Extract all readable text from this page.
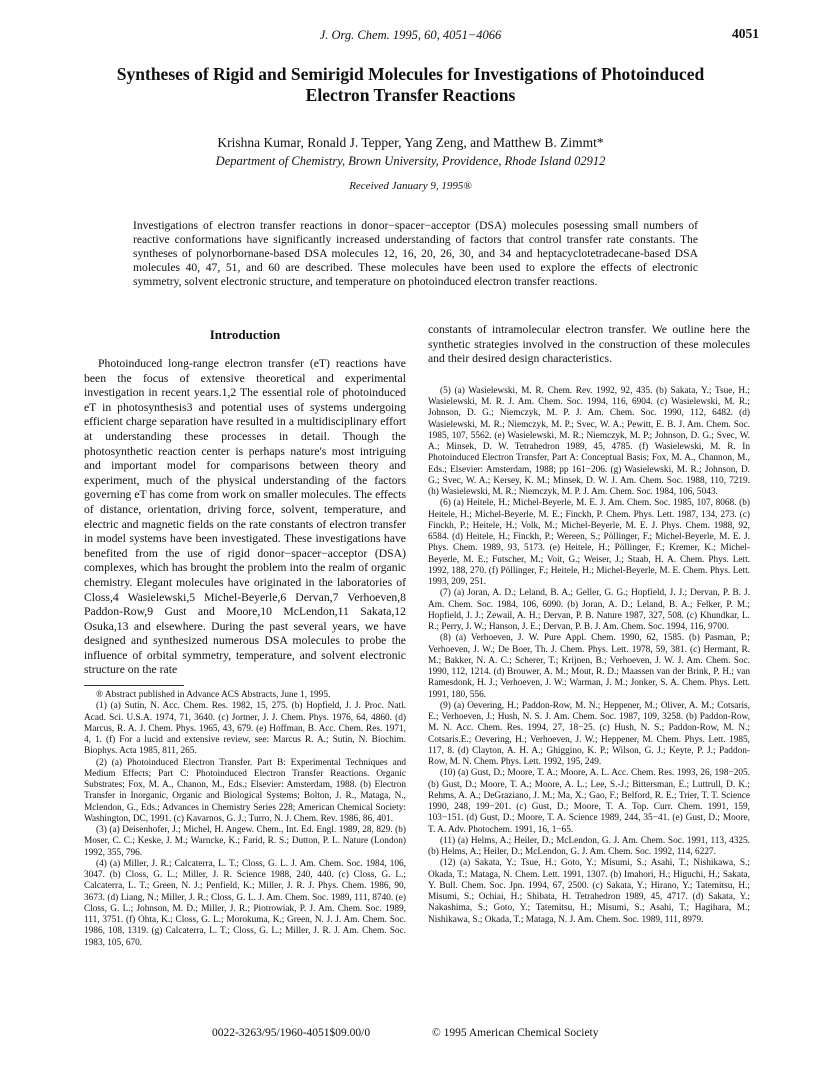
J. Org. Chem. 1995, 60, 4051−4066	4051
Syntheses of Rigid and Semirigid Molecules for Investigations of Photoinduced Electron Transfer Reactions
Krishna Kumar, Ronald J. Tepper, Yang Zeng, and Matthew B. Zimmt*
Department of Chemistry, Brown University, Providence, Rhode Island 02912
Received January 9, 1995®

Investigations of electron transfer reactions in donor−spacer−acceptor (DSA) molecules posessing small numbers of reactive conformations have significantly increased understanding of factors that control transfer rate constants. The syntheses of polynorbornane-based DSA molecules 12, 16, 20, 26, 30, and 34 and heptacyclotetradecane-based DSA molecules 40, 47, 51, and 60 are described. These molecules have been used to explore the effects of electronic symmetry, solvent electronic structure, and temperature on photoinduced electron transfer reactions.

Introduction

Photoinduced long-range electron transfer (eT) reactions have been the focus of extensive theoretical and experimental investigation in recent years.1,2 The essential role of photoinduced eT in photosynthesis3 and potential uses of systems undergoing efficient charge separation have resulted in a multidisciplinary effort at understanding these processes in detail. Though the photosynthetic reaction center is perhaps nature's most intriguing and important model for comparisons between theory and experiment, much of the physical understanding of the factors governing eT has come from work on smaller molecules. The effects of distance, orientation, driving force, solvent, temperature, and electric and magnetic fields on the rate constants of electron transfer in model systems have been investigated. These investigations have benefited from the use of rigid donor−spacer−acceptor (DSA) complexes, which has brought the problem into the realm of organic chemistry. Elegant molecules have originated in the laboratories of Closs,4 Wasielewski,5 Michel-Beyerle,6 Dervan,7 Verhoeven,8 Paddon-Row,9 Gust and Moore,10 McLendon,11 Sakata,12 Osuka,13 and elsewhere. During the past several years, we have designed and synthesized numerous DSA molecules to probe the influence of orbital symmetry, temperature, and solvent electronic structure on the rate

® Abstract published in Advance ACS Abstracts, June 1, 1995.

(1) (a) Sutin, N. Acc. Chem. Res. 1982, 15, 275. (b) Hopfield, J. J. Proc. Natl. Acad. Sci. U.S.A. 1974, 71, 3640. (c) Jortner, J. J. Chem. Phys. 1976, 64, 4860. (d) Marcus, R. A. J. Chem. Phys. 1965, 43, 679. (e) Hoffman, B. Acc. Chem. Res. 1971, 4, 1. (f) For a lucid and extensive review, see: Marcus R. A.; Sutin, N. Biochim. Biophys. Acta 1985, 811, 265.

(2) (a) Photoinduced Electron Transfer. Part B: Experimental Techniques and Medium Effects; Part C: Photoinduced Electron Transfer Reactions. Organic Substrates; Fox, M. A., Chanon, M., Eds.; Elsevier: Amsterdam, 1988. (b) Electron Transfer in Inorganic, Organic and Biological Systems; Bolton, J. R., Mataga, N., Mclendon, G., Eds.; Advances in Chemistry Series 228; American Chemical Society: Washington, DC, 1991. (c) Kavarnos, G. J.; Turro, N. J. Chem. Rev. 1986, 86, 401.

(3) (a) Deisenhofer, J.; Michel, H. Angew. Chem., Int. Ed. Engl. 1989, 28, 829. (b) Moser, C. C.; Keske, J. M.; Warncke, K.; Farid, R. S.; Dutton, P. L. Nature (London) 1992, 355, 796.

(4) (a) Miller, J. R.; Calcaterra, L. T.; Closs, G. L. J. Am. Chem. Soc. 1984, 106, 3047. (b) Closs, G. L.; Miller, J. R. Science 1988, 240, 440. (c) Closs, G. L.; Calcaterra, L. T.; Green, N. J.; Penfield, K.; Miller, J. R. J. Phys. Chem. 1986, 90, 3673. (d) Liang, N.; Miller, J. R.; Closs, G. L. J. Am. Chem. Soc. 1989, 111, 8740. (e) Closs, G. L.; Johnson, M. D.; Miller, J. R.; Piotrowiak, P. J. Am. Chem. Soc. 1989, 111, 3751. (f) Ohta, K.; Closs, G. L.; Morokuma, K.; Green, N. J. J. Am. Chem. Soc. 1986, 108, 1319. (g) Calcaterra, L. T.; Closs, G. L.; Miller, J. R. J. Am. Chem. Soc. 1983, 105, 670.

constants of intramolecular electron transfer. We outline here the synthetic strategies involved in the construction of these molecules and their desired design characteristics.

(5) (a) Wasielewski, M. R. Chem. Rev. 1992, 92, 435. (b) Sakata, Y.; Tsue, H.; Wasielewski, M. R. J. Am. Chem. Soc. 1994, 116, 6904. (c) Wasielewski, M. R.; Johnson, D. G.; Niemczyk, M. P. J. Am. Chem. Soc. 1990, 112, 6482. (d) Wasielewski, M. R.; Niemczyk, M. P.; Svec, W. A.; Pewitt, E. B. J. Am. Chem. Soc. 1985, 107, 5562. (e) Wasielewski, M. R.; Niemczyk, M. P.; Johnson, D. G.; Svec, W. A.; Minsek, D. W. Tetrahedron 1989, 45, 4785. (f) Wasielewski, M. R. In Photoinduced Electron Transfer, Part A: Conceptual Basis; Fox, M. A., Channon, M., Eds.; Elsevier: Amsterdam, 1988; pp 161−206. (g) Wasielewski, M. R.; Johnson, D. G.; Svec, W. A.; Kersey, K. M.; Minsek, D. W. J. Am. Chem. Soc. 1988, 110, 7219. (h) Wasielewski, M. R.; Niemczyk, M. P. J. Am. Chem. Soc. 1984, 106, 5043.

(6) (a) Heitele, H.; Michel-Beyerle, M. E. J. Am. Chem. Soc. 1985, 107, 8068. (b) Heitele, H.; Michel-Beyerle, M. E.; Finckh, P. Chem. Phys. Lett. 1987, 134, 273. (c) Finckh, P.; Heitele, H.; Volk, M.; Michel-Beyerle, M. E. J. Phys. Chem. 1988, 92, 6584. (d) Heitele, H.; Finckh, P.; Wereen, S.; Pöllinger, F.; Michel-Beyerle, M. E. J. Phys. Chem. 1989, 93, 5173. (e) Heitele, H.; Pöllinger, F.; Kremer, K.; Michel-Beyerle, M. E.; Futscher, M.; Voit, G.; Weiser, J.; Staab, H. A. Chem. Phys. Lett. 1992, 188, 270. (f) Pöllinger, F.; Heitele, H.; Michel-Beyerle, M. E. Chem. Phys. Lett. 1993, 209, 251.

(7) (a) Joran, A. D.; Leland, B. A.; Geller, G. G.; Hopfield, J. J.; Dervan, P. B. J. Am. Chem. Soc. 1984, 106, 6090. (b) Joran, A. D.; Leland, B. A.; Felker, P. M.; Hopfield, J. J.; Zewail, A. H.; Dervan, P. B. Nature 1987, 327, 508. (c) Khundkar, L. R.; Perry, J. W.; Hanson, J. E.; Dervan, P. B. J. Am. Chem. Soc. 1994, 116, 9700.

(8) (a) Verhoeven, J. W. Pure Appl. Chem. 1990, 62, 1585. (b) Pasman, P.; Verhoeven, J. W.; De Boer, Th. J. Chem. Phys. Lett. 1978, 59, 381. (c) Hermant, R. M.; Bakker, N. A. C.; Scherer, T.; Krijnen, B.; Verhoeven, J. W. J. Am. Chem. Soc. 1990, 112, 1214. (d) Brouwer, A. M.; Mout, R. D.; Maassen van der Brink, P. H.; van Ramesdonk, H. J.; Verhoeven, J. W.; Warman, J. M.; Jonker, S. A. Chem. Phys. Lett. 1991, 180, 556.

(9) (a) Oevering, H.; Paddon-Row, M. N.; Heppener, M.; Oliver, A. M.; Cotsaris, E.; Verhoeven, J.; Hush, N. S. J. Am. Chem. Soc. 1987, 109, 3258. (b) Paddon-Row, M. N. Acc. Chem. Res. 1994, 27, 18−25. (c) Hush, N. S.; Paddon-Row, M. N.; Cotsaris.E.; Oevering, H.; Verhoeven, J. W.; Heppener, M. Chem. Phys. Lett. 1985, 117, 8. (d) Clayton, A. H. A.; Ghiggino, K. P.; Wilson, G. J.; Keyte, P. J.; Paddon-Row, M. N. Chem. Phys. Lett. 1992, 195, 249.

(10) (a) Gust, D.; Moore, T. A.; Moore, A. L. Acc. Chem. Res. 1993, 26, 198−205. (b) Gust, D.; Moore, T. A.; Moore, A. L.; Lee, S.-J.; Bittersman, E.; Luttrull, D. K.; Rehms, A. A.; DeGraziano, J. M.; Ma, X.; Gao, F.; Belford, R. E.; Trier, T. T. Science 1990, 248, 199−201. (c) Gust, D.; Moore, T. A. Top. Curr. Chem. 1991, 159, 103−151. (d) Gust, D.; Moore, T. A. Science 1989, 244, 35−41. (e) Gust, D.; Moore, T. A. Adv. Photochem. 1991, 16, 1−65.

(11) (a) Helms, A.; Heiler, D.; McLendon, G. J. Am. Chem. Soc. 1991, 113, 4325. (b) Helms, A.; Heiler, D.; McLendon, G. J. Am. Chem. Soc. 1992, 114, 6227.

(12) (a) Sakata, Y.; Tsue, H.; Goto, Y.; Misumi, S.; Asahi, T.; Nishikawa, S.; Okada, T.; Mataga, N. Chem. Lett. 1991, 1307. (b) Imahori, H.; Higuchi, H.; Sakata, Y. Bull. Chem. Soc. Jpn. 1994, 67, 2500. (c) Sakata, Y.; Hirano, Y.; Tatemitsu, H.; Misumi, S.; Ochiai, H.; Shibata, H. Tetrahedron 1989, 45, 4717. (d) Sakata, Y.; Nakashima, S.; Goto, Y.; Tatemitsu, H.; Misumi, S.; Asahi, T.; Hagihara, M.; Nishikawa, S.; Okada, T.; Mataga, N. J. Am. Chem. Soc. 1989, 111, 8979.

0022-3263/95/1960-4051$09.00/0	© 1995 American Chemical Society
